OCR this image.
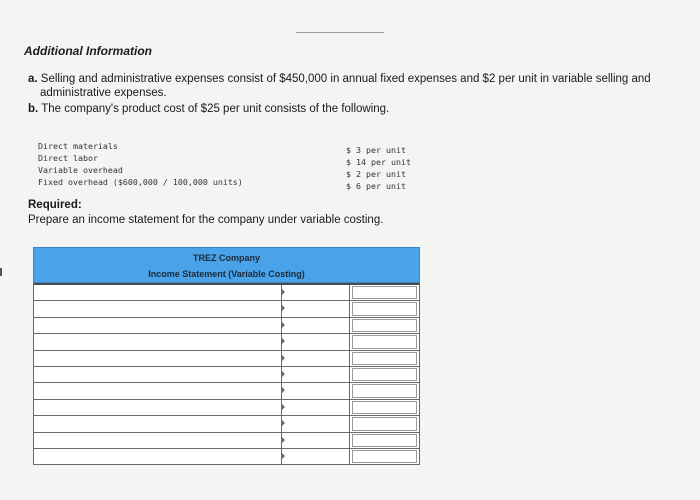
Additional Information
a. Selling and administrative expenses consist of $450,000 in annual fixed expenses and $2 per unit in variable selling and
administrative expenses.
b. The company's product cost of $25 per unit consists of the following.
Direct materials
Direct labor
Variable overhead
Fixed overhead ($600,000 / 100,000 units)
$ 3 per unit
$ 14 per unit
$ 2 per unit
$ 6 per unit
Required:
Prepare an income statement for the company under variable costing.
TREZ Company
Income Statement (Variable Costing)
